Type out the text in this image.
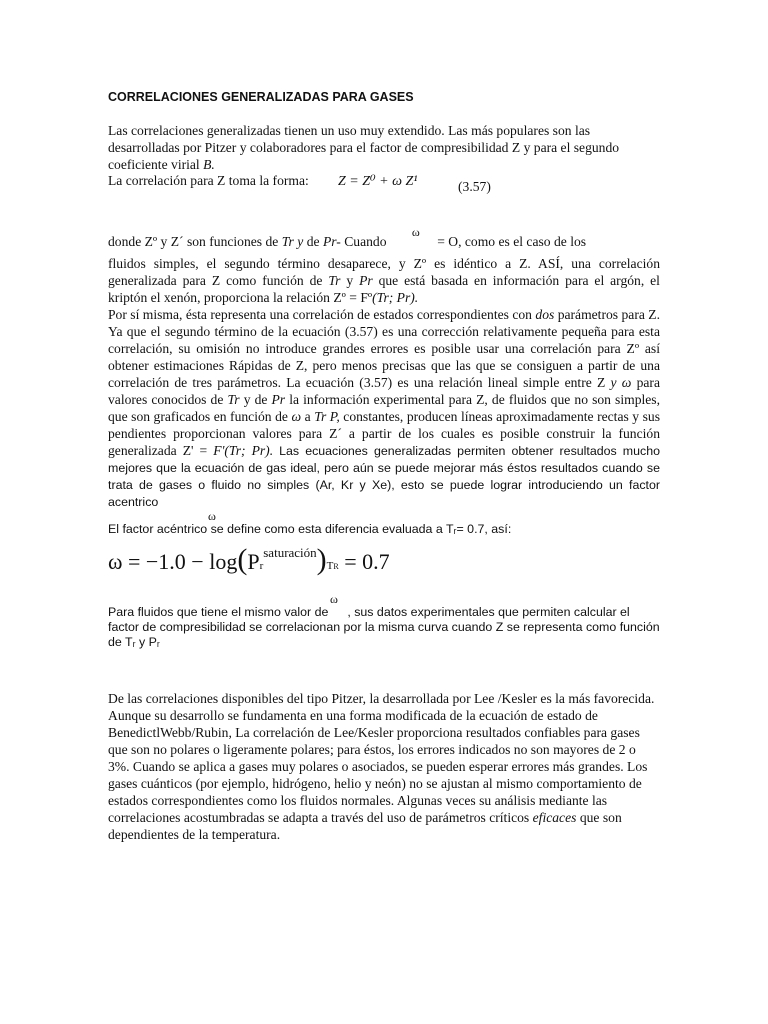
CORRELACIONES GENERALIZADAS PARA GASES

Las correlaciones generalizadas tienen un uso muy extendido. Las más populares son las desarrolladas por Pitzer y colaboradores para el factor de compresibilidad Z y para el segundo coeficiente virial B.

La correlación para Z toma la forma: Z = Z⁰ + ω Z¹	(3.57)

donde Zº y Z´ son funciones de Tr y de Pr- Cuando ω = O, como es el caso de los

fluidos simples, el segundo término desaparece, y Zº es idéntico a Z. ASÍ, una correlación generalizada para Z como función de Tr y Pr que está basada en información para el argón, el kriptón el xenón, proporciona la relación Zº = Fº(Tr; Pr).

Por sí misma, ésta representa una correlación de estados correspondientes con dos parámetros para Z. Ya que el segundo término de la ecuación (3.57) es una corrección relativamente pequeña para esta correlación, su omisión no introduce grandes errores es posible usar una correlación para Zº así obtener estimaciones Rápidas de Z, pero menos precisas que las que se consiguen a partir de una correlación de tres parámetros. La ecuación (3.57) es una relación lineal simple entre Z y ω para valores conocidos de Tr y de Pr la información experimental para Z, de fluidos que no son simples, que son graficados en función de ω a Tr P, constantes, producen líneas aproximadamente rectas y sus pendientes proporcionan valores para Z´ a partir de los cuales es posible construir la función generalizada Z' = F'(Tr; Pr). Las ecuaciones generalizadas permiten obtener resultados mucho mejores que la ecuación de gas ideal, pero aún se puede mejorar más éstos resultados cuando se trata de gases o fluido no simples (Ar, Kr y Xe), esto se puede lograr introduciendo un factor acentrico

ω

El factor acéntrico se define como esta diferencia evaluada a Tᵣ= 0.7, así:

$\omega = -1.0 - \log(Pr^{saturación})TR = 0.7$
ω

Para fluidos que tiene el mismo valor de , sus datos experimentales que permiten calcular el factor de compresibilidad se correlacionan por la misma curva cuando Z se representa como función de Tᵣ y Pᵣ

De las correlaciones disponibles del tipo Pitzer, la desarrollada por Lee /Kesler es la más favorecida.

Aunque su desarrollo se fundamenta en una forma modificada de la ecuación de estado de BenedictlWebb/Rubin, La correlación de Lee/Kesler proporciona resultados confiables para gases que son no polares o ligeramente polares; para éstos, los errores indicados no son mayores de 2 o 3%. Cuando se aplica a gases muy polares o asociados, se pueden esperar errores más grandes. Los gases cuánticos (por ejemplo, hidrógeno, helio y neón) no se ajustan al mismo comportamiento de estados correspondientes como los fluidos normales. Algunas veces su análisis mediante las correlaciones acostumbradas se adapta a través del uso de parámetros críticos eficaces que son dependientes de la temperatura.
